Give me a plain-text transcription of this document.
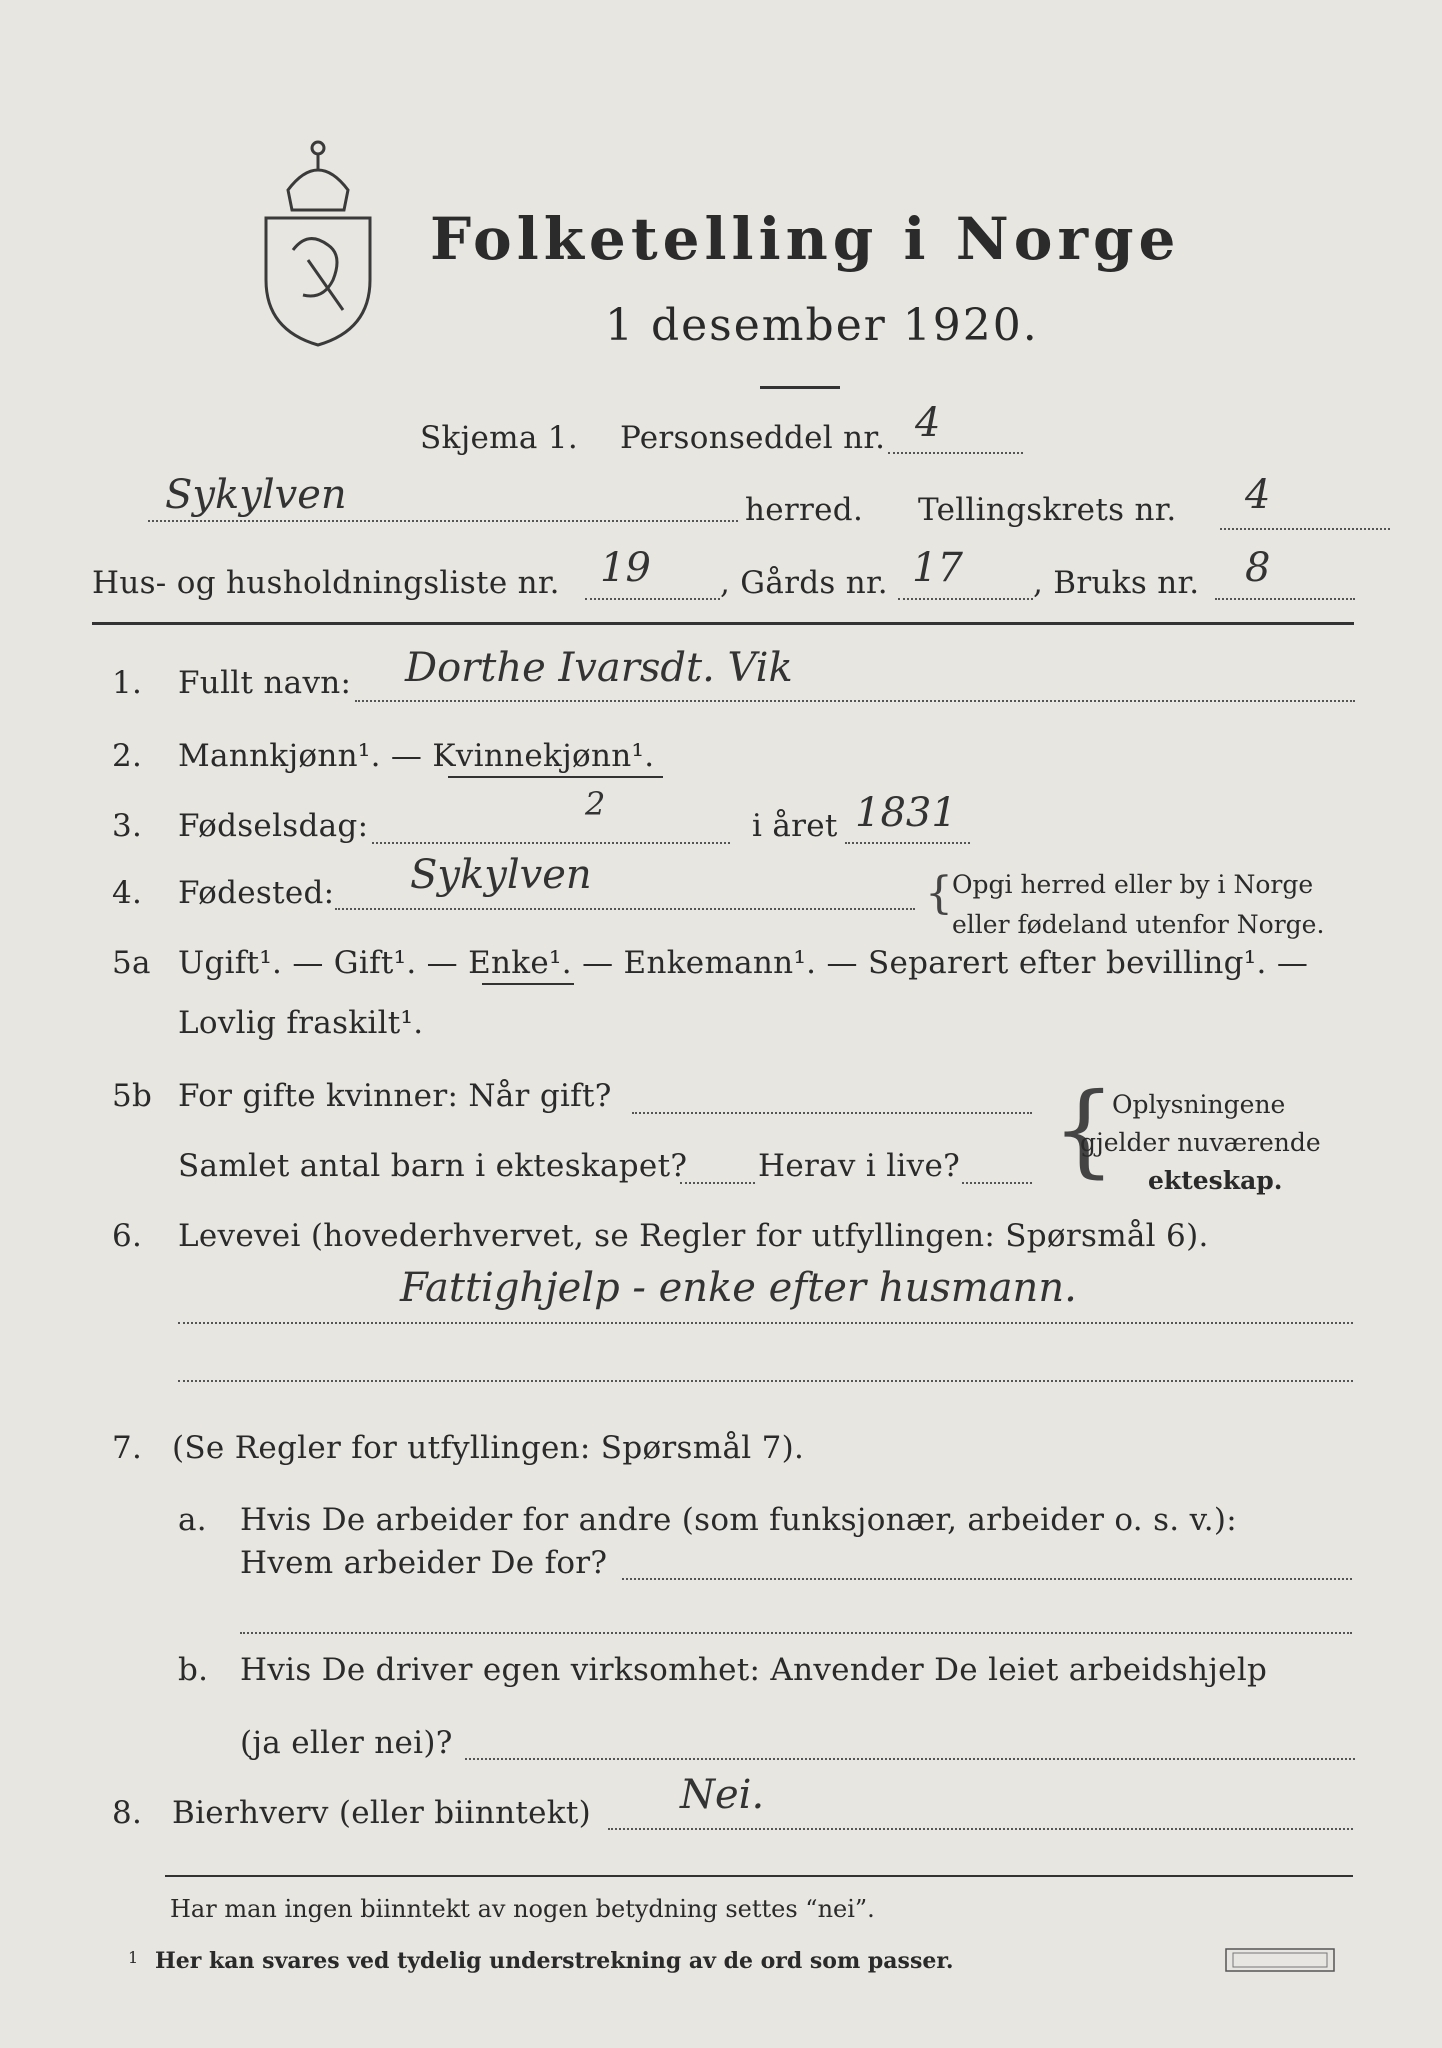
Folketelling i Norge
1 desember 1920.
Skjema 1. Personseddel nr. 4
Sykylven	herred. Tellingskrets nr. 4
Hus- og husholdningsliste nr. 19 , Gårds nr. 17 , Bruks nr. 8
1. Fullt navn: Dorthe Ivarsdt. Vik
2. Mannkjønn¹. — Kvinnekjønn¹.
3. Fødselsdag:
2
i året 1831
4. Fødested: Sykylven	{ Opgi herred eller by i Norge
eller fødeland utenfor Norge.
5a Ugift¹. — Gift¹. — Enke¹. — Enkemann¹. — Separert efter bevilling¹. —
Lovlig fraskilt¹.
5b For gifte kvinner: Når gift?
Samlet antal barn i ekteskapet? Herav i live? {
Oplysningene
gjelder nuværende
ekteskap.
6. Levevei (hovederhvervet, se Regler for utfyllingen: Spørsmål 6).
Fattighjelp - enke efter husmann.
7. (Se Regler for utfyllingen: Spørsmål 7).
a. Hvis De arbeider for andre (som funksjonær, arbeider o. s. v.):
Hvem arbeider De for?
b. Hvis De driver egen virksomhet: Anvender De leiet arbeidshjelp
(ja eller nei)?
8. Bierhverv (eller biinntekt) Nei.
Har man ingen biinntekt av nogen betydning settes “nei”.
1 Her kan svares ved tydelig understrekning av de ord som passer.
